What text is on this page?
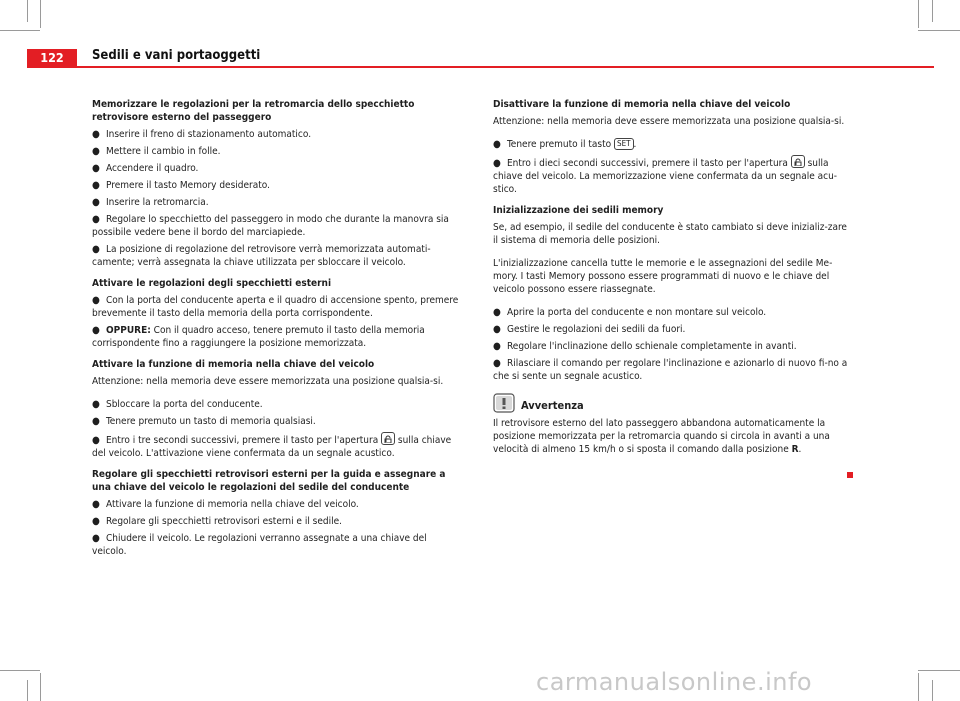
122	Sedili e vani portaoggetti

Memorizzare le regolazioni per la retromarcia dello specchietto retrovisore esterno del passeggero

● Inserire il freno di stazionamento automatico.
● Mettere il cambio in folle.
● Accendere il quadro.
● Premere il tasto Memory desiderato.
● Inserire la retromarcia.
● Regolare lo specchietto del passeggero in modo che durante la manovra sia possibile vedere bene il bordo del marciapiede.
● La posizione di regolazione del retrovisore verrà memorizzata automati-camente; verrà assegnata la chiave utilizzata per sbloccare il veicolo.

Attivare le regolazioni degli specchietti esterni

● Con la porta del conducente aperta e il quadro di accensione spento, premere brevemente il tasto della memoria della porta corrispondente.
● OPPURE: Con il quadro acceso, tenere premuto il tasto della memoria corrispondente fino a raggiungere la posizione memorizzata.

Attivare la funzione di memoria nella chiave del veicolo

Attenzione: nella memoria deve essere memorizzata una posizione qualsia-si.

● Sbloccare la porta del conducente.
● Tenere premuto un tasto di memoria qualsiasi.
● Entro i tre secondi successivi, premere il tasto per l'apertura
sulla chiave del veicolo. L'attivazione viene confermata da un segnale acustico.

Regolare gli specchietti retrovisori esterni per la guida e assegnare a una chiave del veicolo le regolazioni del sedile del conducente

● Attivare la funzione di memoria nella chiave del veicolo.
● Regolare gli specchietti retrovisori esterni e il sedile.
● Chiudere il veicolo. Le regolazioni verranno assegnate a una chiave del veicolo.

Disattivare la funzione di memoria nella chiave del veicolo

Attenzione: nella memoria deve essere memorizzata una posizione qualsia-si.

● Tenere premuto il tasto SET .
● Entro i dieci secondi successivi, premere il tasto per l'apertura
sulla chiave del veicolo. La memorizzazione viene confermata da un segnale acu-stico.

Inizializzazione dei sedili memory

Se, ad esempio, il sedile del conducente è stato cambiato si deve inizializ-zare il sistema di memoria delle posizioni.

L'inizializzazione cancella tutte le memorie e le assegnazioni del sedile Me-mory. I tasti Memory possono essere programmati di nuovo e le chiave del veicolo possono essere riassegnate.

● Aprire la porta del conducente e non montare sul veicolo.
● Gestire le regolazioni dei sedili da fuori.
● Regolare l'inclinazione dello schienale completamente in avanti.
● Rilasciare il comando per regolare l'inclinazione e azionarlo di nuovo fi-no a che si sente un segnale acustico.
Avvertenza

Il retrovisore esterno del lato passeggero abbandona automaticamente la posizione memorizzata per la retromarcia quando si circola in avanti a una velocità di almeno 15 km/h o si sposta il comando dalla posizione R.

carmanualsonline.info
